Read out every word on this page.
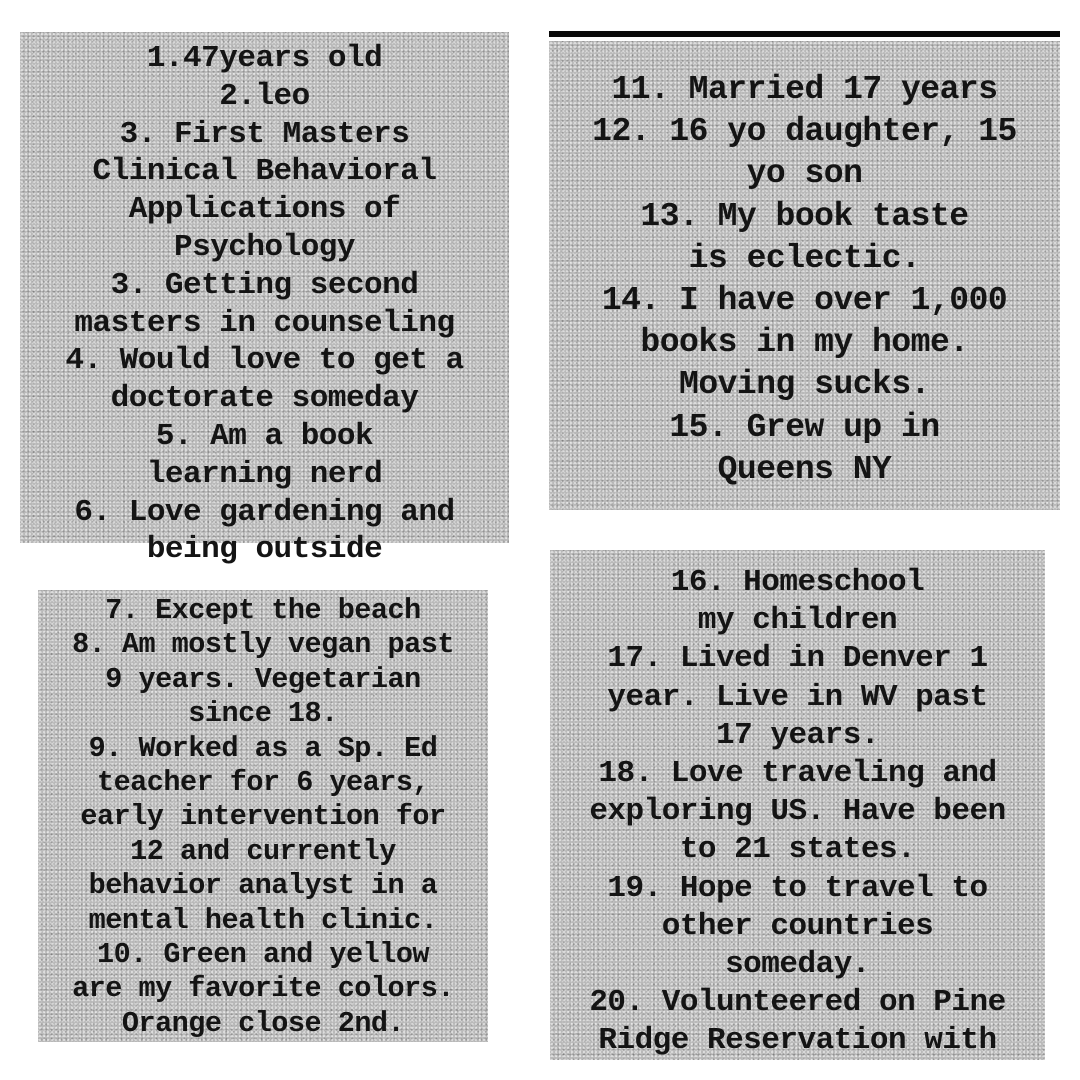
1.47years old
2.leo
3. First Masters
Clinical Behavioral
Applications of
Psychology
3. Getting second
masters in counseling
4. Would love to get a
doctorate someday
5. Am a book
learning nerd
6. Love gardening and
being outside
11. Married 17 years
12. 16 yo daughter, 15
yo son
13. My book taste
is eclectic.
14. I have over 1,000
books in my home.
Moving sucks.
15. Grew up in
Queens NY
7. Except the beach
8. Am mostly vegan past
9 years. Vegetarian
since 18.
9. Worked as a Sp. Ed
teacher for 6 years,
early intervention for
12 and currently
behavior analyst in a
mental health clinic.
10. Green and yellow
are my favorite colors.
Orange close 2nd.
16. Homeschool
my children
17. Lived in Denver 1
year. Live in WV past
17 years.
18. Love traveling and
exploring US. Have been
to 21 states.
19. Hope to travel to
other countries
someday.
20. Volunteered on Pine
Ridge Reservation with
